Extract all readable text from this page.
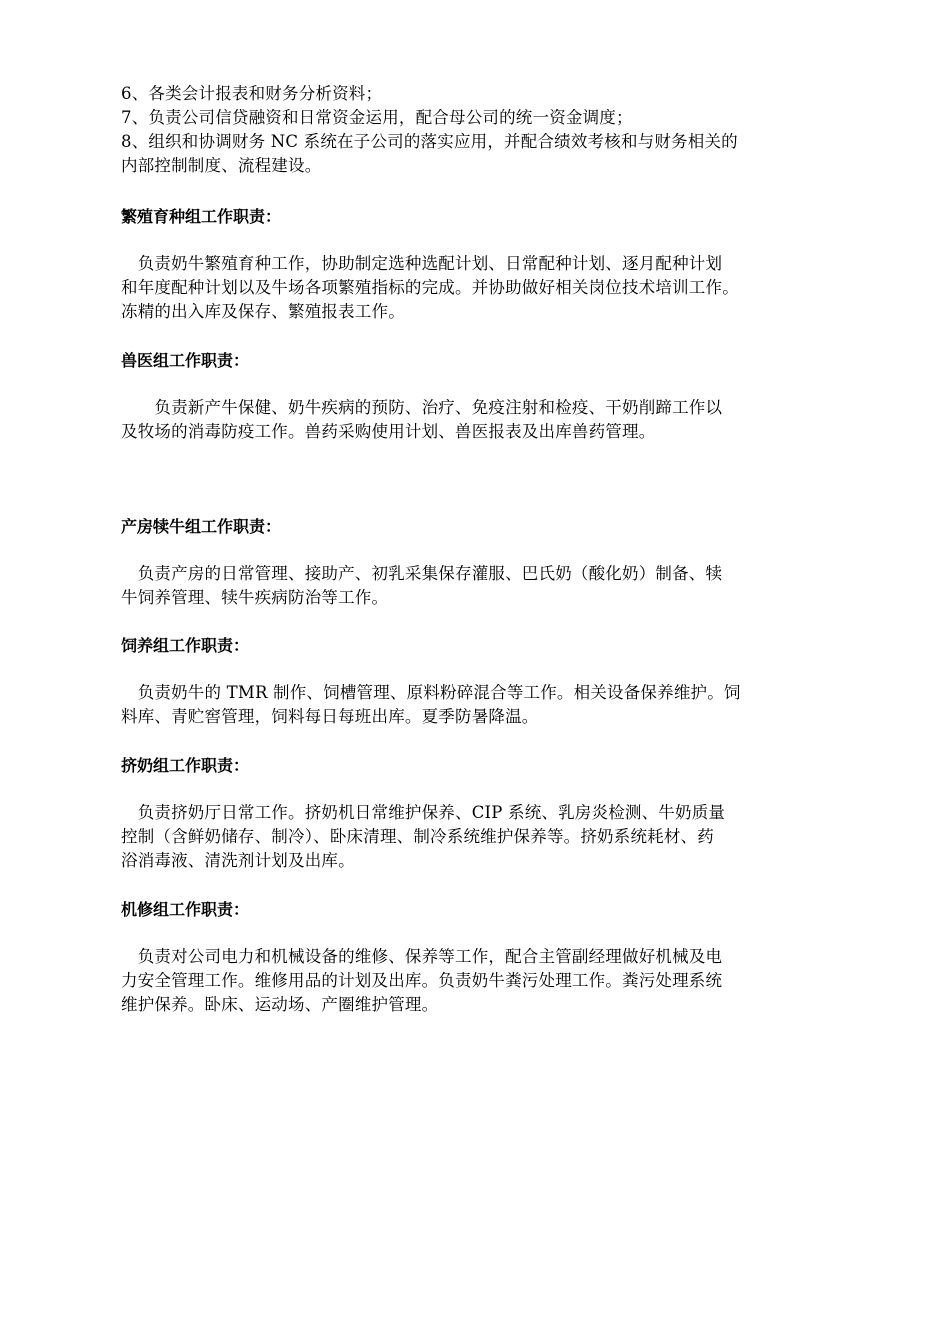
6、各类会计报表和财务分析资料；
7、负责公司信贷融资和日常资金运用，配合母公司的统一资金调度；
8、组织和协调财务 NC 系统在子公司的落实应用，并配合绩效考核和与财务相关的
内部控制制度、流程建设。
繁殖育种组工作职责：
　负责奶牛繁殖育种工作，协助制定选种选配计划、日常配种计划、逐月配种计划
和年度配种计划以及牛场各项繁殖指标的完成。并协助做好相关岗位技术培训工作。
冻精的出入库及保存、繁殖报表工作。
兽医组工作职责：
　　负责新产牛保健、奶牛疾病的预防、治疗、免疫注射和检疫、干奶削蹄工作以
及牧场的消毒防疫工作。兽药采购使用计划、兽医报表及出库兽药管理。
产房犊牛组工作职责：
　负责产房的日常管理、接助产、初乳采集保存灌服、巴氏奶（酸化奶）制备、犊
牛饲养管理、犊牛疾病防治等工作。
饲养组工作职责：
　负责奶牛的 TMR 制作、饲槽管理、原料粉碎混合等工作。相关设备保养维护。饲
料库、青贮窖管理，饲料每日每班出库。夏季防暑降温。
挤奶组工作职责：
　负责挤奶厅日常工作。挤奶机日常维护保养、CIP 系统、乳房炎检测、牛奶质量
控制（含鲜奶储存、制冷）、卧床清理、制冷系统维护保养等。挤奶系统耗材、药
浴消毒液、清洗剂计划及出库。
机修组工作职责：
　负责对公司电力和机械设备的维修、保养等工作，配合主管副经理做好机械及电
力安全管理工作。维修用品的计划及出库。负责奶牛粪污处理工作。粪污处理系统
维护保养。卧床、运动场、产圈维护管理。
